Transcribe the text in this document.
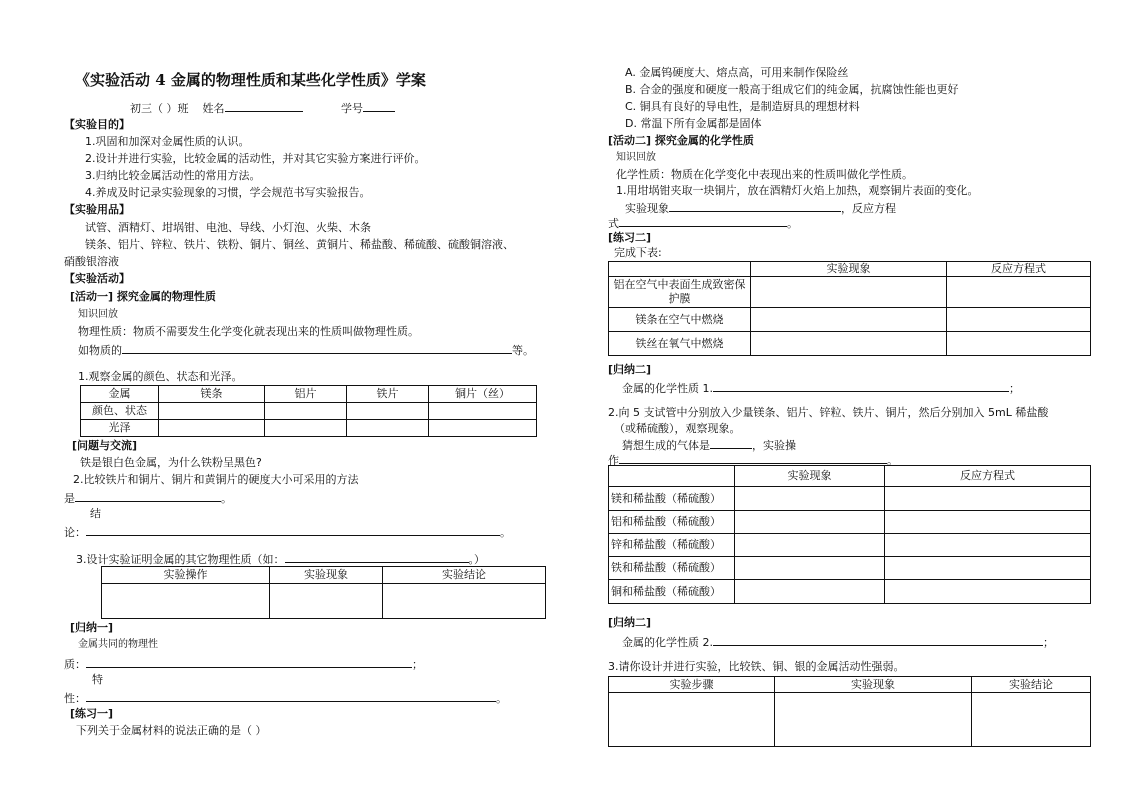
《实验活动 4 金属的物理性质和某些化学性质》学案
初三（ ）班 姓名	学号
【实验目的】
1.巩固和加深对金属性质的认识。
2.设计并进行实验，比较金属的活动性，并对其它实验方案进行评价。
3.归纳比较金属活动性的常用方法。
4.养成及时记录实验现象的习惯，学会规范书写实验报告。
【实验用品】
试管、酒精灯、坩埚钳、电池、导线、小灯泡、火柴、木条
镁条、铝片、锌粒、铁片、铁粉、铜片、铜丝、黄铜片、稀盐酸、稀硫酸、硫酸铜溶液、
硝酸银溶液
【实验活动】
[活动一] 探究金属的物理性质
知识回放
物理性质：物质不需要发生化学变化就表现出来的性质叫做物理性质。
如物质的	等。
1.观察金属的颜色、状态和光泽。
金属	镁条	铝片	铁片	铜片（丝）
颜色、状态				
光泽				
[问题与交流]
铁是银白色金属，为什么铁粉呈黑色?
2.比较铁片和铜片、铜片和黄铜片的硬度大小可采用的方法
是	。
结
论：	。
3.设计实验证明金属的其它物理性质（如：	。）
实验操作	实验现象	实验结论

[归纳一]
金属共同的物理性
质：	；
特
性：	。
[练习一]
下列关于金属材料的说法正确的是（ ）
A. 金属钨硬度大、熔点高，可用来制作保险丝
B. 合金的强度和硬度一般高于组成它们的纯金属，抗腐蚀性能也更好
C. 铜具有良好的导电性，是制造厨具的理想材料
D. 常温下所有金属都是固体
[活动二] 探究金属的化学性质
知识回放
化学性质：物质在化学变化中表现出来的性质叫做化学性质。
1.用坩埚钳夹取一块铜片，放在酒精灯火焰上加热，观察铜片表面的变化。
实验现象	，反应方程
式	。
[练习二]
完成下表:
	实验现象	反应方程式
铝在空气中表面生成致密保护膜		
镁条在空气中燃烧		
铁丝在氧气中燃烧		
[归纳二]
金属的化学性质 1.	；
2.向 5 支试管中分别放入少量镁条、铝片、锌粒、铁片、铜片，然后分别加入 5mL 稀盐酸
（或稀硫酸），观察现象。
猜想生成的气体是	，实验操
作	。
	实验现象	反应方程式
镁和稀盐酸（稀硫酸）		
铝和稀盐酸（稀硫酸）		
锌和稀盐酸（稀硫酸）		
铁和稀盐酸（稀硫酸）		
铜和稀盐酸（稀硫酸）		
[归纳二]
金属的化学性质 2.	；
3.请你设计并进行实验，比较铁、铜、银的金属活动性强弱。
实验步骤	实验现象	实验结论
